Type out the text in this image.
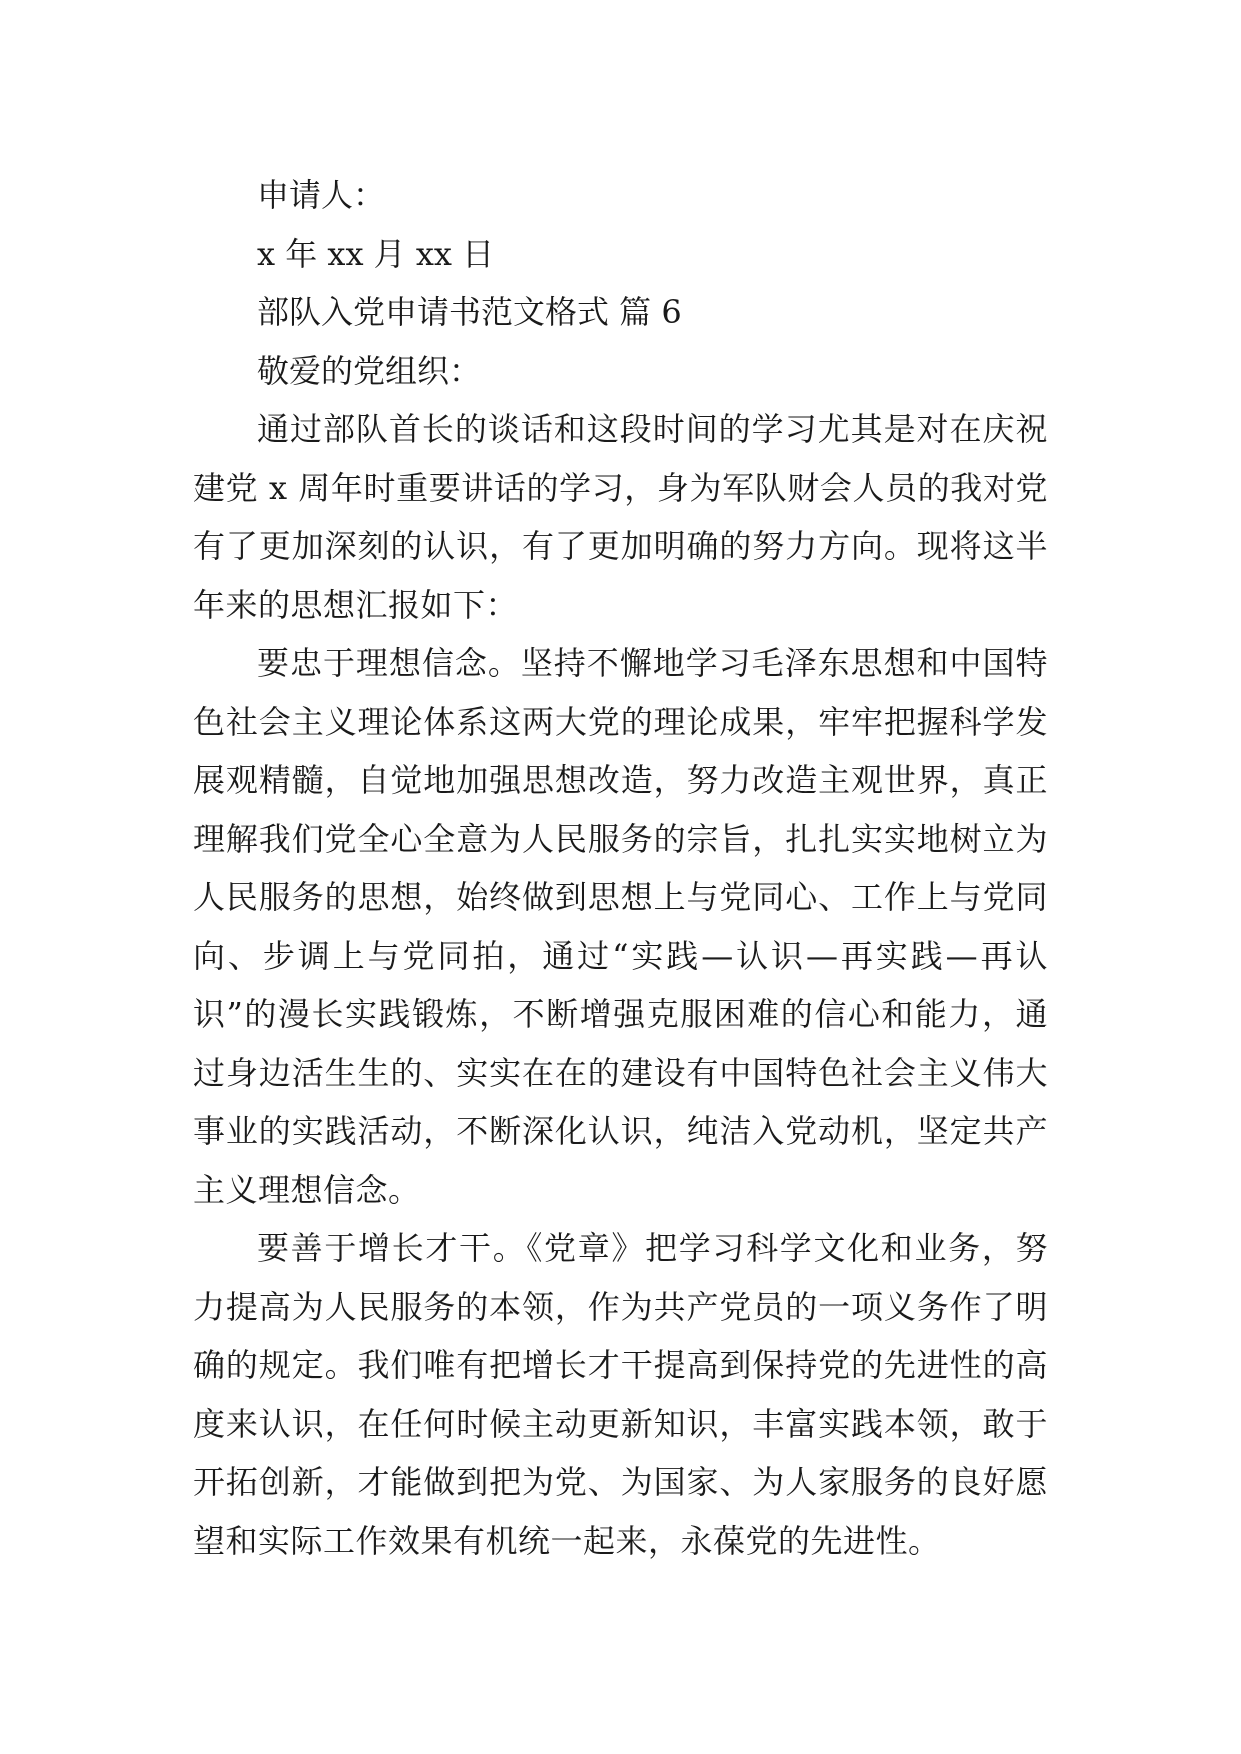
申请人：

x 年 xx 月 xx 日

部队入党申请书范文格式 篇 6

敬爱的党组织：

通过部队首长的谈话和这段时间的学习尤其是对在庆祝建党 x 周年时重要讲话的学习，身为军队财会人员的我对党有了更加深刻的认识，有了更加明确的努力方向。现将这半年来的思想汇报如下：

要忠于理想信念。坚持不懈地学习毛泽东思想和中国特色社会主义理论体系这两大党的理论成果，牢牢把握科学发展观精髓，自觉地加强思想改造，努力改造主观世界，真正理解我们党全心全意为人民服务的宗旨，扎扎实实地树立为人民服务的思想，始终做到思想上与党同心、工作上与党同向、步调上与党同拍，通过“实践—认识—再实践—再认识”的漫长实践锻炼，不断增强克服困难的信心和能力，通过身边活生生的、实实在在的建设有中国特色社会主义伟大事业的实践活动，不断深化认识，纯洁入党动机，坚定共产主义理想信念。

要善于增长才干。《党章》把学习科学文化和业务，努力提高为人民服务的本领，作为共产党员的一项义务作了明确的规定。我们唯有把增长才干提高到保持党的先进性的高度来认识，在任何时候主动更新知识，丰富实践本领，敢于开拓创新，才能做到把为党、为国家、为人家服务的良好愿望和实际工作效果有机统一起来，永葆党的先进性。
